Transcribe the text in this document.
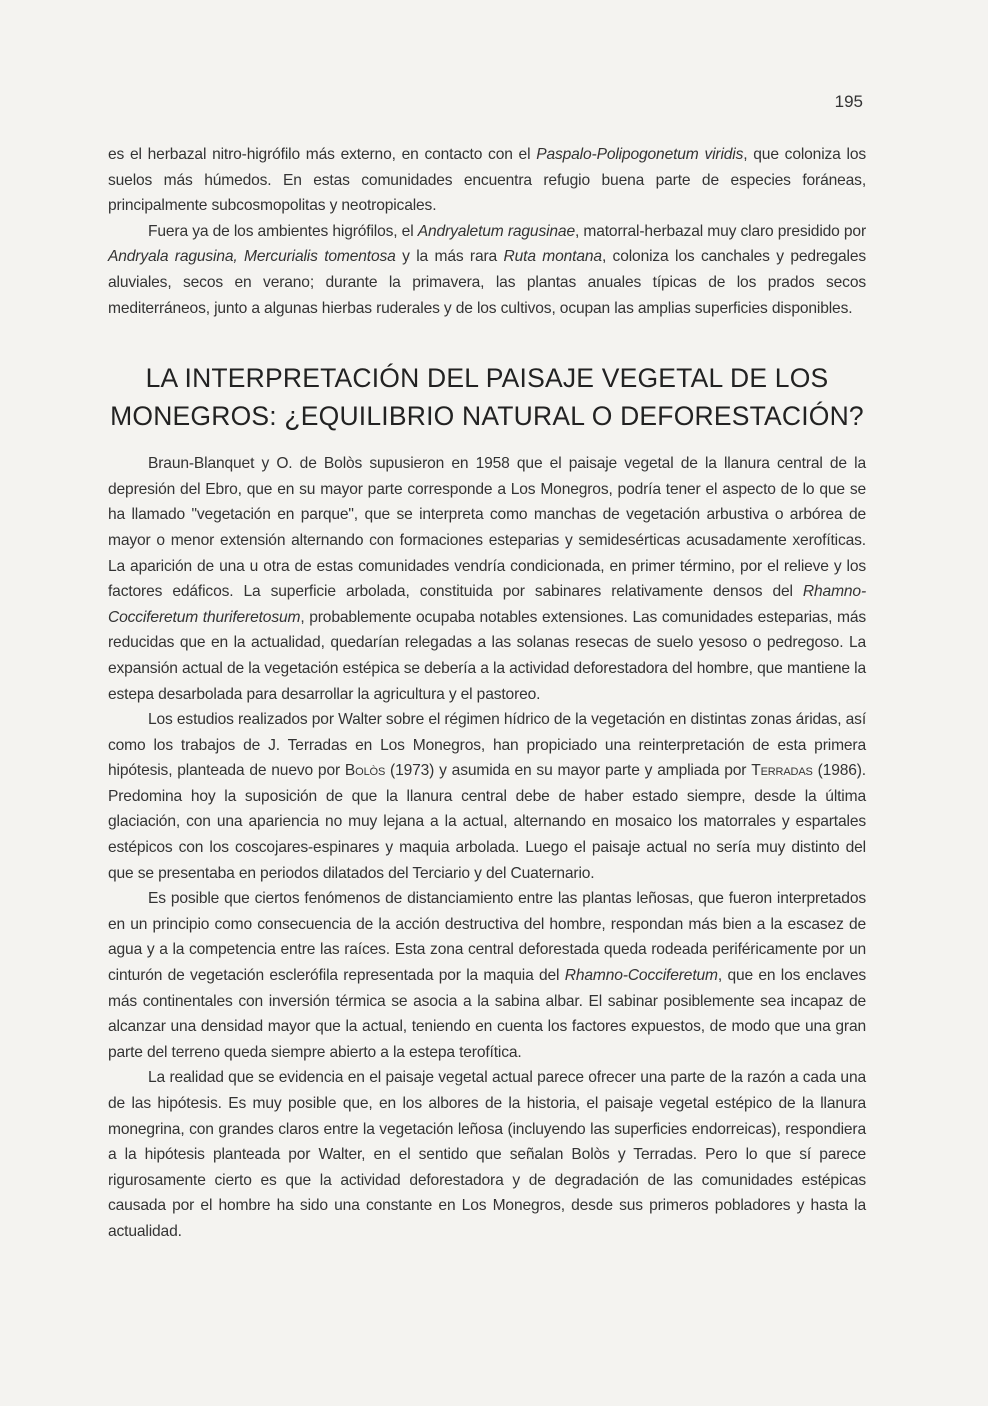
195

es el herbazal nitro-higrófilo más externo, en contacto con el Paspalo-Polipogonetum viridis, que coloniza los suelos más húmedos. En estas comunidades encuentra refugio buena parte de especies foráneas, principalmente subcosmopolitas y neotropicales.

Fuera ya de los ambientes higrófilos, el Andryaletum ragusinae, matorral-herbazal muy claro presidido por Andryala ragusina, Mercurialis tomentosa y la más rara Ruta montana, coloniza los canchales y pedregales aluviales, secos en verano; durante la primavera, las plantas anuales típicas de los prados secos mediterráneos, junto a algunas hierbas ruderales y de los cultivos, ocupan las amplias superficies disponibles.

LA INTERPRETACIÓN DEL PAISAJE VEGETAL DE LOS
MONEGROS: ¿EQUILIBRIO NATURAL O DEFORESTACIÓN?

Braun-Blanquet y O. de Bolòs supusieron en 1958 que el paisaje vegetal de la llanura central de la depresión del Ebro, que en su mayor parte corresponde a Los Monegros, podría tener el aspecto de lo que se ha llamado "vegetación en parque", que se interpreta como manchas de vegetación arbustiva o arbórea de mayor o menor extensión alternando con formaciones esteparias y semidesérticas acusadamente xerofíticas. La aparición de una u otra de estas comunidades vendría condicionada, en primer término, por el relieve y los factores edáficos. La superficie arbolada, constituida por sabinares relativamente densos del Rhamno-Cocciferetum thuriferetosum, probablemente ocupaba notables extensiones. Las comunidades esteparias, más reducidas que en la actualidad, quedarían relegadas a las solanas resecas de suelo yesoso o pedregoso. La expansión actual de la vegetación estépica se debería a la actividad deforestadora del hombre, que mantiene la estepa desarbolada para desarrollar la agricultura y el pastoreo.

Los estudios realizados por Walter sobre el régimen hídrico de la vegetación en distintas zonas áridas, así como los trabajos de J. Terradas en Los Monegros, han propiciado una reinterpretación de esta primera hipótesis, planteada de nuevo por Bolòs (1973) y asumida en su mayor parte y ampliada por Terradas (1986). Predomina hoy la suposición de que la llanura central debe de haber estado siempre, desde la última glaciación, con una apariencia no muy lejana a la actual, alternando en mosaico los matorrales y espartales estépicos con los coscojares-espinares y maquia arbolada. Luego el paisaje actual no sería muy distinto del que se presentaba en periodos dilatados del Terciario y del Cuaternario.

Es posible que ciertos fenómenos de distanciamiento entre las plantas leñosas, que fueron interpretados en un principio como consecuencia de la acción destructiva del hombre, respondan más bien a la escasez de agua y a la competencia entre las raíces. Esta zona central deforestada queda rodeada periféricamente por un cinturón de vegetación esclerófila representada por la maquia del Rhamno-Cocciferetum, que en los enclaves más continentales con inversión térmica se asocia a la sabina albar. El sabinar posiblemente sea incapaz de alcanzar una densidad mayor que la actual, teniendo en cuenta los factores expuestos, de modo que una gran parte del terreno queda siempre abierto a la estepa terofítica.

La realidad que se evidencia en el paisaje vegetal actual parece ofrecer una parte de la razón a cada una de las hipótesis. Es muy posible que, en los albores de la historia, el paisaje vegetal estépico de la llanura monegrina, con grandes claros entre la vegetación leñosa (incluyendo las superficies endorreicas), respondiera a la hipótesis planteada por Walter, en el sentido que señalan Bolòs y Terradas. Pero lo que sí parece rigurosamente cierto es que la actividad deforestadora y de degradación de las comunidades estépicas causada por el hombre ha sido una constante en Los Monegros, desde sus primeros pobladores y hasta la actualidad.
